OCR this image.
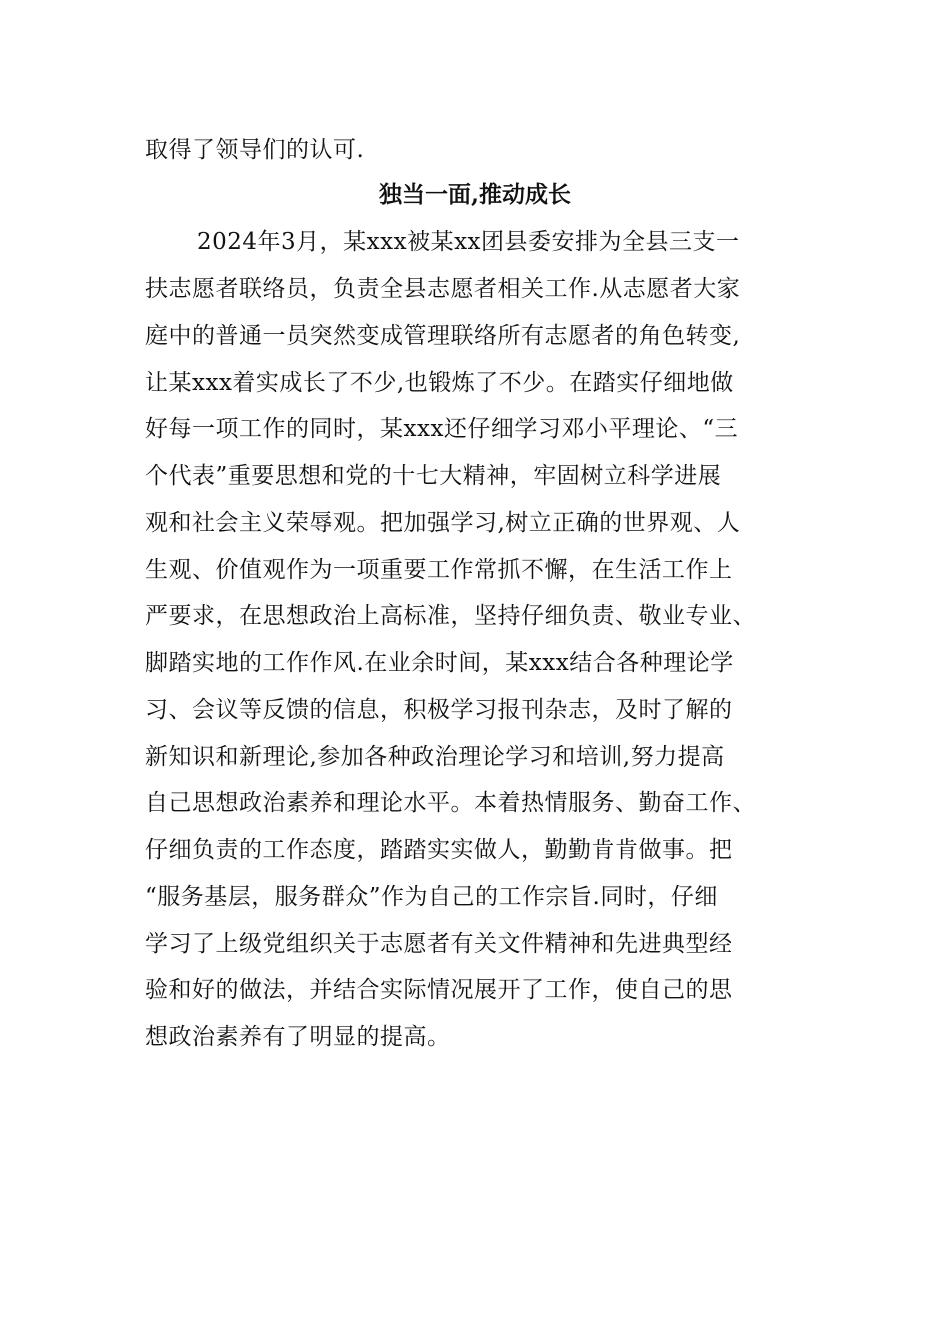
取得了领导们的认可.
独当一面,推动成长
2024年3月，某xxx被某xx团县委安排为全县三支一
扶志愿者联络员，负责全县志愿者相关工作.从志愿者大家
庭中的普通一员突然变成管理联络所有志愿者的角色转变,
让某xxx着实成长了不少,也锻炼了不少。在踏实仔细地做
好每一项工作的同时，某xxx还仔细学习邓小平理论、“三
个代表”重要思想和党的十七大精神，牢固树立科学进展
观和社会主义荣辱观。把加强学习,树立正确的世界观、人
生观、价值观作为一项重要工作常抓不懈，在生活工作上
严要求，在思想政治上高标准，坚持仔细负责、敬业专业、
脚踏实地的工作作风.在业余时间，某xxx结合各种理论学
习、会议等反馈的信息，积极学习报刊杂志，及时了解的
新知识和新理论,参加各种政治理论学习和培训,努力提高
自己思想政治素养和理论水平。本着热情服务、勤奋工作、
仔细负责的工作态度，踏踏实实做人，勤勤肯肯做事。把
“服务基层，服务群众”作为自己的工作宗旨.同时，仔细
学习了上级党组织关于志愿者有关文件精神和先进典型经
验和好的做法，并结合实际情况展开了工作，使自己的思
想政治素养有了明显的提高。
